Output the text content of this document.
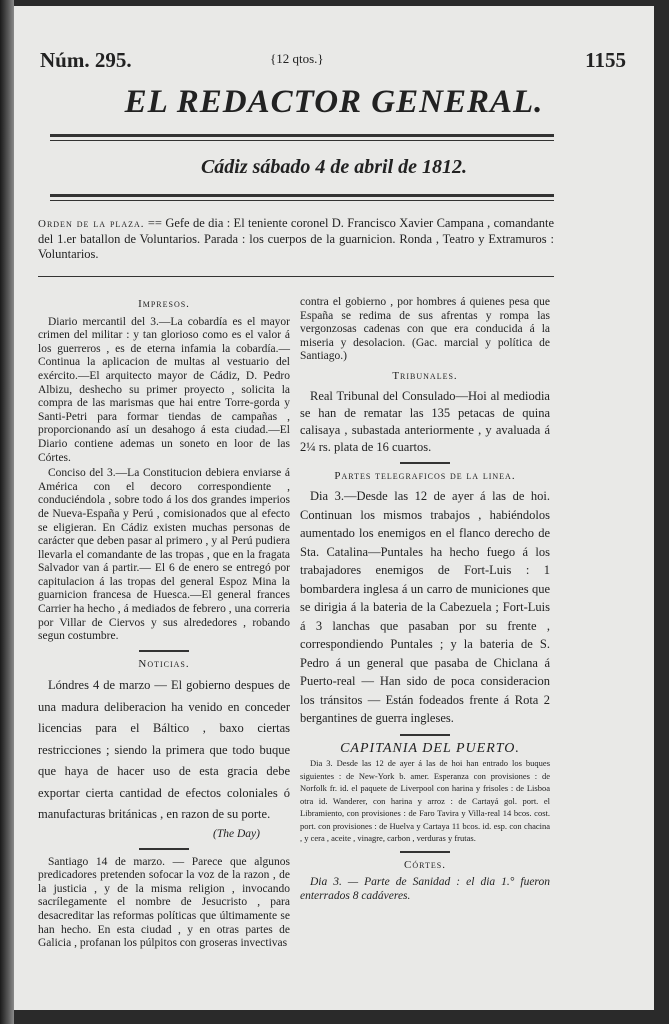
Núm. 295.	{12 qtos.}	1155
EL REDACTOR GENERAL.
Cádiz sábado 4 de abril de 1812.
Orden de la plaza. == Gefe de dia : El teniente coronel D. Francisco Xavier Campana , comandante del 1.er batallon de Voluntarios. Parada : los cuerpos de la guarnicion. Ronda , Teatro y Extramuros : Voluntarios.

Impresos.

Diario mercantil del 3.—La cobardía es el mayor crimen del militar : y tan glorioso como es el valor á los guerreros , es de eterna infamia la cobardía.—Continua la aplicacion de multas al vestuario del exército.—El arquitecto mayor de Cádiz, D. Pedro Albizu, deshecho su primer proyecto , solicita la compra de las marismas que hai entre Torre-gorda y Santi-Petri para formar tiendas de campañas , proporcionando así un desahogo á esta ciudad.—El Diario contiene ademas un soneto en loor de las Córtes.

Concisо del 3.—La Constitucion debiera enviarse á América con el decoro correspondiente , conduciéndola , sobre todo á los dos grandes imperios de Nueva-España y Perú , comisionados que al efecto se eligieran. En Cádiz existen muchas personas de carácter que deben pasar al primero , y al Perú pudiera llevarla el comandante de las tropas , que en la fragata Salvador van á partir.— El 6 de enero se entregó por capitulacion á las tropas del general Espoz Mina la guarnicion francesa de Huesca.—El general frances Carrier ha hecho , á mediados de febrero , una correria por Villar de Ciervos y sus alrededores , robando segun costumbre.

Noticias.

Lóndres 4 de marzo — El gobierno despues de una madura deliberacion ha venido en conceder licencias para el Báltico , baxo ciertas restricciones ; siendo la primera que todo buque que haya de hacer uso de esta gracia debe exportar cierta cantidad de efectos coloniales ó manufacturas británicas , en razon de su porte.

(The Day)

Santiago 14 de marzo. — Parece que algunos predicadores pretenden sofocar la voz de la razon , de la justicia , y de la misma religion , invocando sacrílegamente el nombre de Jesucristo , para desacreditar las reformas políticas que últimamente se han hecho. En esta ciudad , y en otras partes de Galicia , profanan los púlpitos con groseras invectivas

contra el gobierno , por hombres á quienes pesa que España se redima de sus afrentas y rompa las vergonzosas cadenas con que era conducida á la miseria y desolacion. (Gac. marcial y política de Santiago.)

Tribunales.

Real Tribunal del Consulado—Hoi al mediodia se han de rematar las 135 petacas de quina calisaya , subastada anteriormente , y avaluada á 2¼ rs. plata de 16 cuartos.

Partes telegraficos de la linea.

Dia 3.—Desde las 12 de ayer á las de hoi. Continuan los mismos trabajos , habiéndolos aumentado los enemigos en el flanco derecho de Sta. Catalina—Puntales ha hecho fuego á los trabajadores enemigos de Fort-Luis : 1 bombardera inglesa á un carro de municiones que se dirigia á la bateria de la Cabezuela ; Fort-Luis á 3 lanchas que pasaban por su frente , correspondiendo Puntales ; y la bateria de S. Pedro á un general que pasaba de Chiclana á Puerto-real — Han sido de poca consideracion los tránsitos — Están fodeados frente á Rota 2 bergantines de guerra ingleses.

CAPITANIA DEL PUERTO.

Dia 3. Desde las 12 de ayer á las de hoi han entrado los buques siguientes : de New-York b. amer. Esperanza con provisiones : de Norfolk fr. id. el paquete de Liverpool con harina y frisoles : de Lisboa otra id. Wanderer, con harina y arroz : de Cartayá gol. port. el Libramiento, con provisiones : de Faro Tavira y Villa-real 14 bcos. cost. port. con provisiones : de Huelva y Cartaya 11 bcos. id. esp. con chacina , y cera , aceite , vinagre, carbon , verduras y frutas.

Córtes.

Dia 3. — Parte de Sanidad : el dia 1.° fueron enterrados 8 cadáveres.
